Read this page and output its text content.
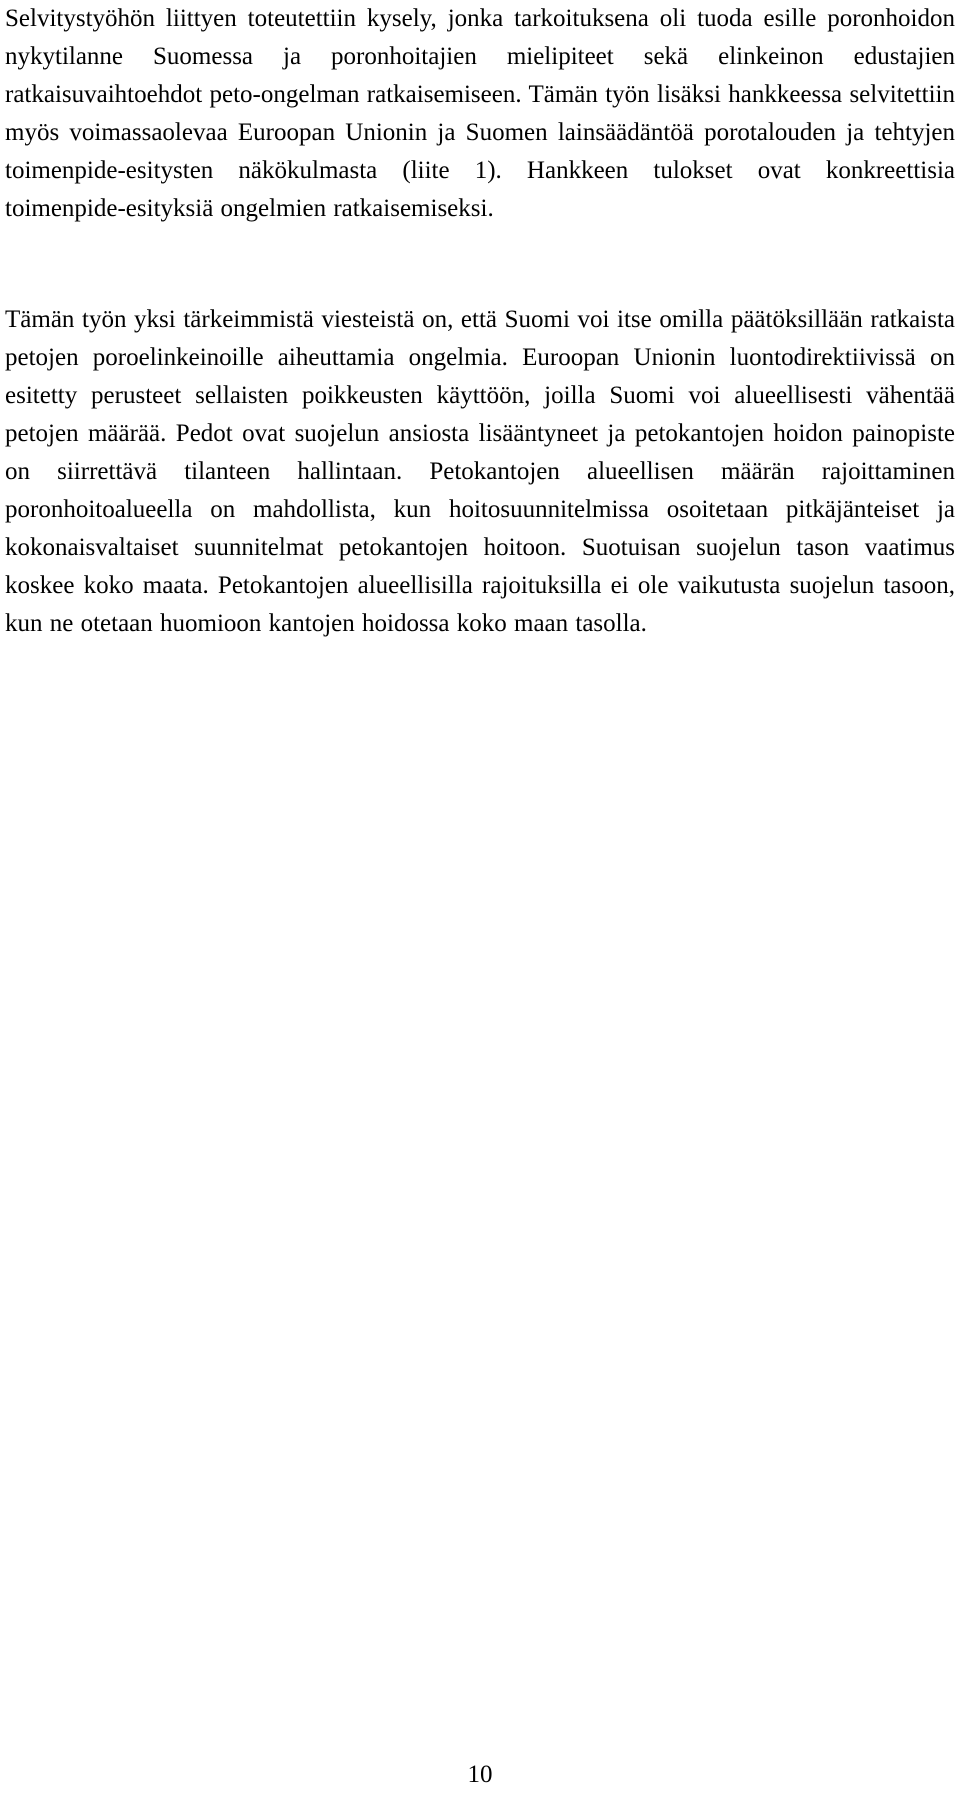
Selvitystyöhön liittyen toteutettiin kysely, jonka tarkoituksena oli tuoda esille poronhoidon nykytilanne Suomessa ja poronhoitajien mielipiteet sekä elinkeinon edustajien ratkaisuvaihtoehdot peto-ongelman ratkaisemiseen. Tämän työn lisäksi hankkeessa selvitettiin myös voimassaolevaa Euroopan Unionin ja Suomen lainsäädäntöä porotalouden ja tehtyjen toimenpide-esitysten näkökulmasta (liite 1). Hankkeen tulokset ovat konkreettisia toimenpide-esityksiä ongelmien ratkaisemiseksi.

Tämän työn yksi tärkeimmistä viesteistä on, että Suomi voi itse omilla päätöksillään ratkaista petojen poroelinkeinoille aiheuttamia ongelmia. Euroopan Unionin luontodirektiivissä on esitetty perusteet sellaisten poikkeusten käyttöön, joilla Suomi voi alueellisesti vähentää petojen määrää. Pedot ovat suojelun ansiosta lisääntyneet ja petokantojen hoidon painopiste on siirrettävä tilanteen hallintaan. Petokantojen alueellisen määrän rajoittaminen poronhoitoalueella on mahdollista, kun hoitosuunnitelmissa osoitetaan pitkäjänteiset ja kokonaisvaltaiset suunnitelmat petokantojen hoitoon. Suotuisan suojelun tason vaatimus koskee koko maata. Petokantojen alueellisilla rajoituksilla ei ole vaikutusta suojelun tasoon, kun ne otetaan huomioon kantojen hoidossa koko maan tasolla.

10
